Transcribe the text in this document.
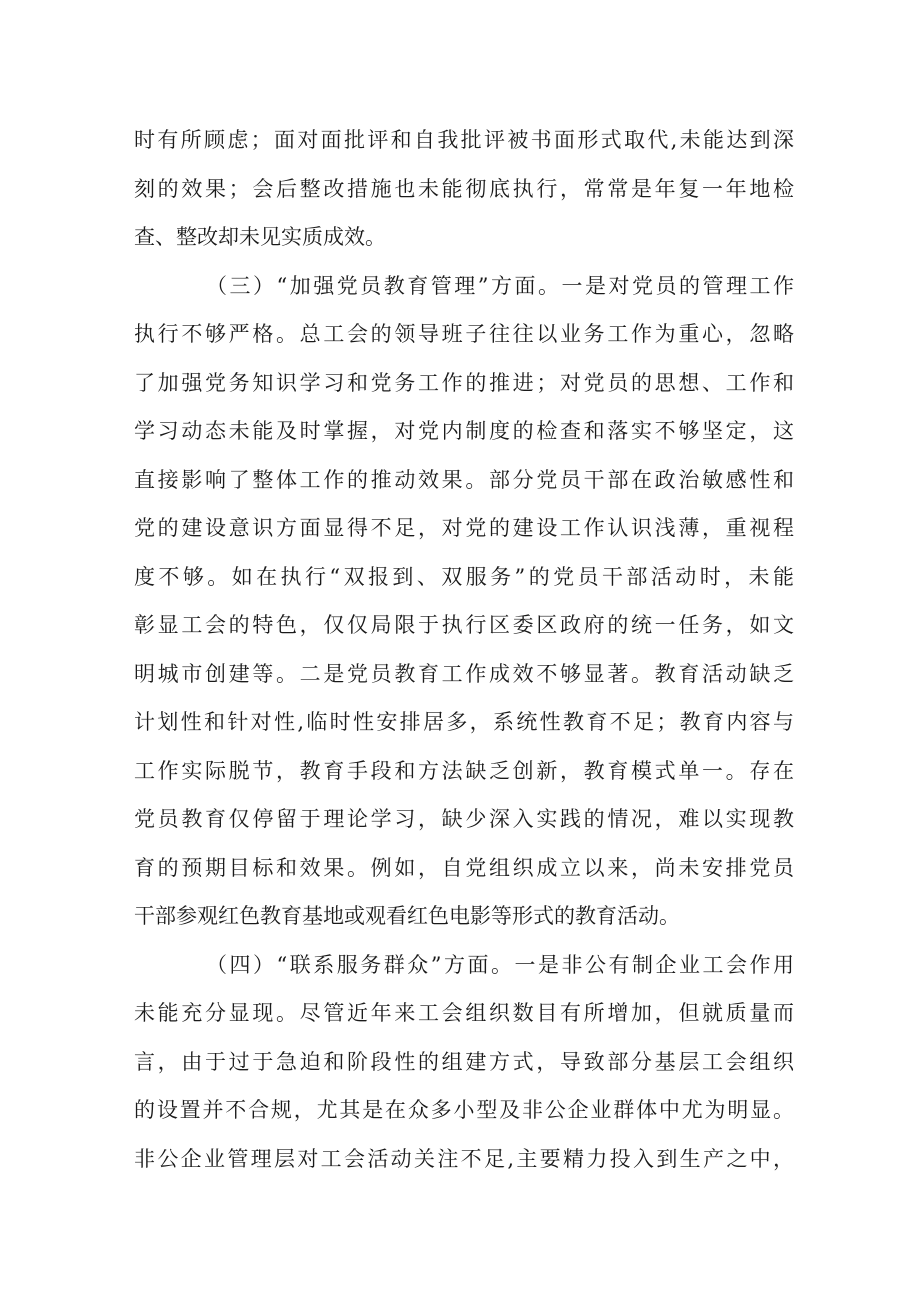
时有所顾虑；面对面批评和自我批评被书面形式取代,未能达到深
刻的效果；会后整改措施也未能彻底执行，常常是年复一年地检
查、整改却未见实质成效。
（三）“加强党员教育管理”方面。一是对党员的管理工作
执行不够严格。总工会的领导班子往往以业务工作为重心，忽略
了加强党务知识学习和党务工作的推进；对党员的思想、工作和
学习动态未能及时掌握，对党内制度的检查和落实不够坚定，这
直接影响了整体工作的推动效果。部分党员干部在政治敏感性和
党的建设意识方面显得不足，对党的建设工作认识浅薄，重视程
度不够。如在执行“双报到、双服务”的党员干部活动时，未能
彰显工会的特色，仅仅局限于执行区委区政府的统一任务，如文
明城市创建等。二是党员教育工作成效不够显著。教育活动缺乏
计划性和针对性,临时性安排居多，系统性教育不足；教育内容与
工作实际脱节，教育手段和方法缺乏创新，教育模式单一。存在
党员教育仅停留于理论学习，缺少深入实践的情况，难以实现教
育的预期目标和效果。例如，自党组织成立以来，尚未安排党员
干部参观红色教育基地或观看红色电影等形式的教育活动。
（四）“联系服务群众”方面。一是非公有制企业工会作用
未能充分显现。尽管近年来工会组织数目有所增加，但就质量而
言，由于过于急迫和阶段性的组建方式，导致部分基层工会组织
的设置并不合规，尤其是在众多小型及非公企业群体中尤为明显。
非公企业管理层对工会活动关注不足,主要精力投入到生产之中，
